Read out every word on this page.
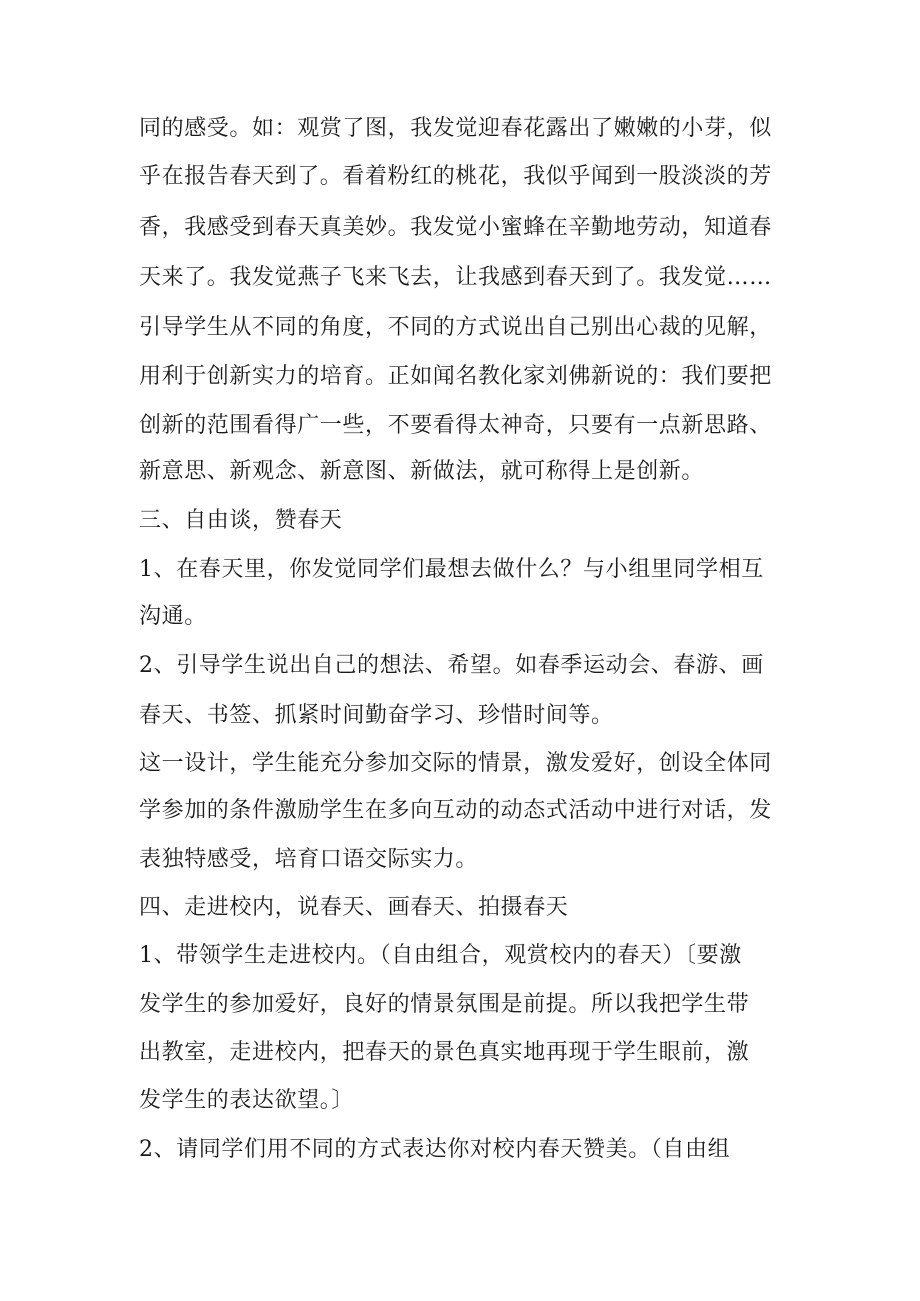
同的感受。如：观赏了图，我发觉迎春花露出了嫩嫩的小芽，似
乎在报告春天到了。看着粉红的桃花，我似乎闻到一股淡淡的芳
香，我感受到春天真美妙。我发觉小蜜蜂在辛勤地劳动，知道春
天来了。我发觉燕子飞来飞去，让我感到春天到了。我发觉……
引导学生从不同的角度，不同的方式说出自己别出心裁的见解，
用利于创新实力的培育。正如闻名教化家刘佛新说的：我们要把
创新的范围看得广一些，不要看得太神奇，只要有一点新思路、
新意思、新观念、新意图、新做法，就可称得上是创新。
三、自由谈，赞春天
1、在春天里，你发觉同学们最想去做什么？与小组里同学相互
沟通。
2、引导学生说出自己的想法、希望。如春季运动会、春游、画
春天、书签、抓紧时间勤奋学习、珍惜时间等。
这一设计，学生能充分参加交际的情景，激发爱好，创设全体同
学参加的条件激励学生在多向互动的动态式活动中进行对话，发
表独特感受，培育口语交际实力。
四、走进校内，说春天、画春天、拍摄春天
1、带领学生走进校内。（自由组合，观赏校内的春天）〔要激
发学生的参加爱好，良好的情景氛围是前提。所以我把学生带
出教室，走进校内，把春天的景色真实地再现于学生眼前，激
发学生的表达欲望。〕
2、请同学们用不同的方式表达你对校内春天赞美。（自由组
